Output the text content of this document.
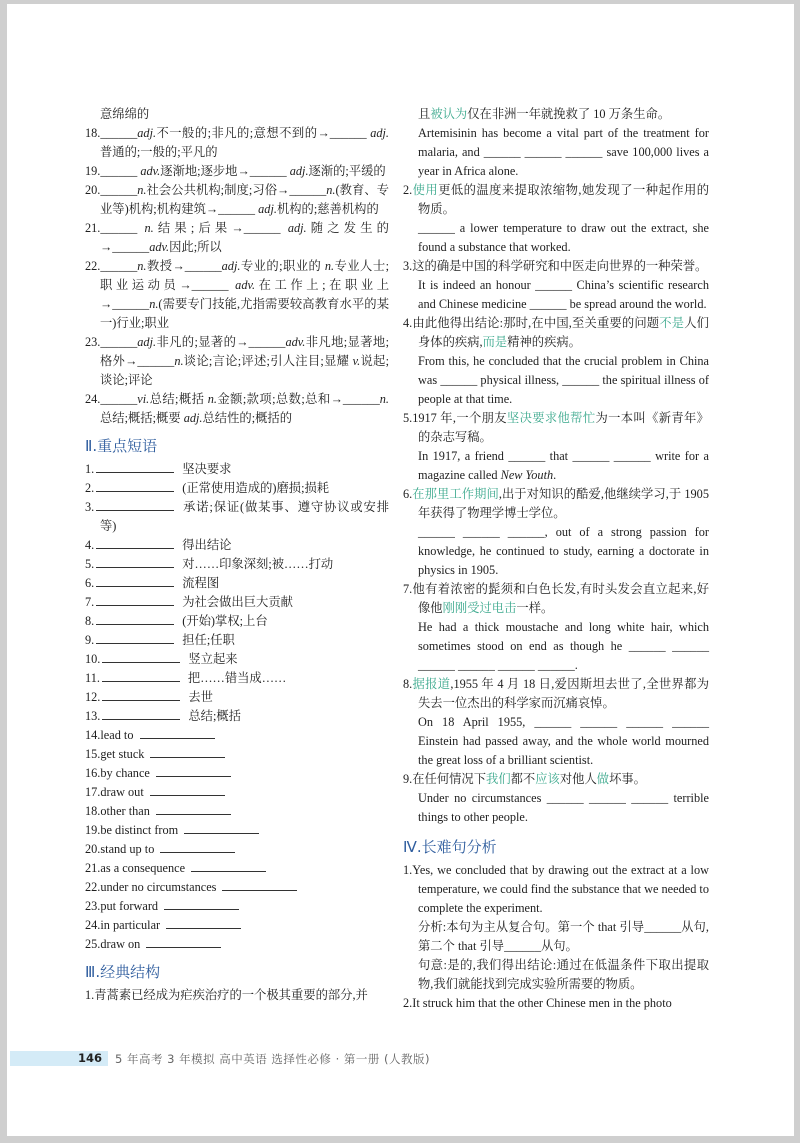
意绵绵的
18.______adj.不一般的;非凡的;意想不到的→______ adj.普通的;一般的;平凡的
19.______ adv.逐渐地;逐步地→______ adj.逐渐的;平缓的
20.______n.社会公共机构;制度;习俗→______n.(教育、专业等)机构;机构建筑→______ adj.机构的;慈善机构的
21.______ n.结果;后果→______ adj.随之发生的→______adv.因此;所以
22.______n.教授→______adj.专业的;职业的 n.专业人士;职业运动员→______ adv.在工作上;在职业上→______n.(需要专门技能,尤指需要较高教育水平的某一)行业;职业
23.______adj.非凡的;显著的→______adv.非凡地;显著地;格外→______n.谈论;言论;评述;引人注目;显耀 v.说起;谈论;评论
24.______vi.总结;概括 n.金额;款项;总数;总和→______n.总结;概括;概要 adj.总结性的;概括的
Ⅱ.重点短语
1.	坚决要求
2.	(正常使用造成的)磨损;损耗
3.	承诺;保证(做某事、遵守协议或安排等)
4.	得出结论
5.	对……印象深刻;被……打动
6.	流程图
7.	为社会做出巨大贡献
8.	(开始)掌权;上台
9.	担任;任职
10.	竖立起来
11.	把……错当成……
12.	去世
13.	总结;概括
14.lead to
15.get stuck
16.by chance
17.draw out
18.other than
19.be distinct from
20.stand up to
21.as a consequence
22.under no circumstances
23.put forward
24.in particular
25.draw on
Ⅲ.经典结构
1.青蒿素已经成为疟疾治疗的一个极其重要的部分,并
且被认为仅在非洲一年就挽救了 10 万条生命。
Artemisinin has become a vital part of the treatment for malaria, and ______ ______ ______ save 100,000 lives a year in Africa alone.
2.使用更低的温度来提取浓缩物,她发现了一种起作用的物质。
______ a lower temperature to draw out the extract, she found a substance that worked.
3.这的确是中国的科学研究和中医走向世界的一种荣誉。
It is indeed an honour ______ China’s scientific research and Chinese medicine ______ be spread around the world.
4.由此他得出结论:那时,在中国,至关重要的问题不是人们身体的疾病,而是精神的疾病。
From this, he concluded that the crucial problem in China was ______ physical illness, ______ the spiritual illness of people at that time.
5.1917 年,一个朋友坚决要求他帮忙为一本叫《新青年》的杂志写稿。
In 1917, a friend ______ that ______ ______ write for a magazine called New Youth.
6.在那里工作期间,出于对知识的酷爱,他继续学习,于 1905 年获得了物理学博士学位。
______ ______ ______, out of a strong passion for knowledge, he continued to study, earning a doctorate in physics in 1905.
7.他有着浓密的髭须和白色长发,有时头发会直立起来,好像他刚刚受过电击一样。
He had a thick moustache and long white hair, which sometimes stood on end as though he ______ ______ ______ ______ ______ ______.
8.据报道,1955 年 4 月 18 日,爱因斯坦去世了,全世界都为失去一位杰出的科学家而沉痛哀悼。
On 18 April 1955, ______ ______ ______ ______ Einstein had passed away, and the whole world mourned the great loss of a brilliant scientist.
9.在任何情况下我们都不应该对他人做坏事。
Under no circumstances ______ ______ ______ terrible things to other people.
Ⅳ.长难句分析
1.Yes, we concluded that by drawing out the extract at a low temperature, we could find the substance that we needed to complete the experiment.
分析:本句为主从复合句。第一个 that 引导______从句, 第二个 that 引导______从句。
句意:是的,我们得出结论:通过在低温条件下取出提取物,我们就能找到完成实验所需要的物质。
2.It struck him that the other Chinese men in the photo
146	5 年高考 3 年模拟 高中英语 选择性必修 · 第一册 (人教版)
